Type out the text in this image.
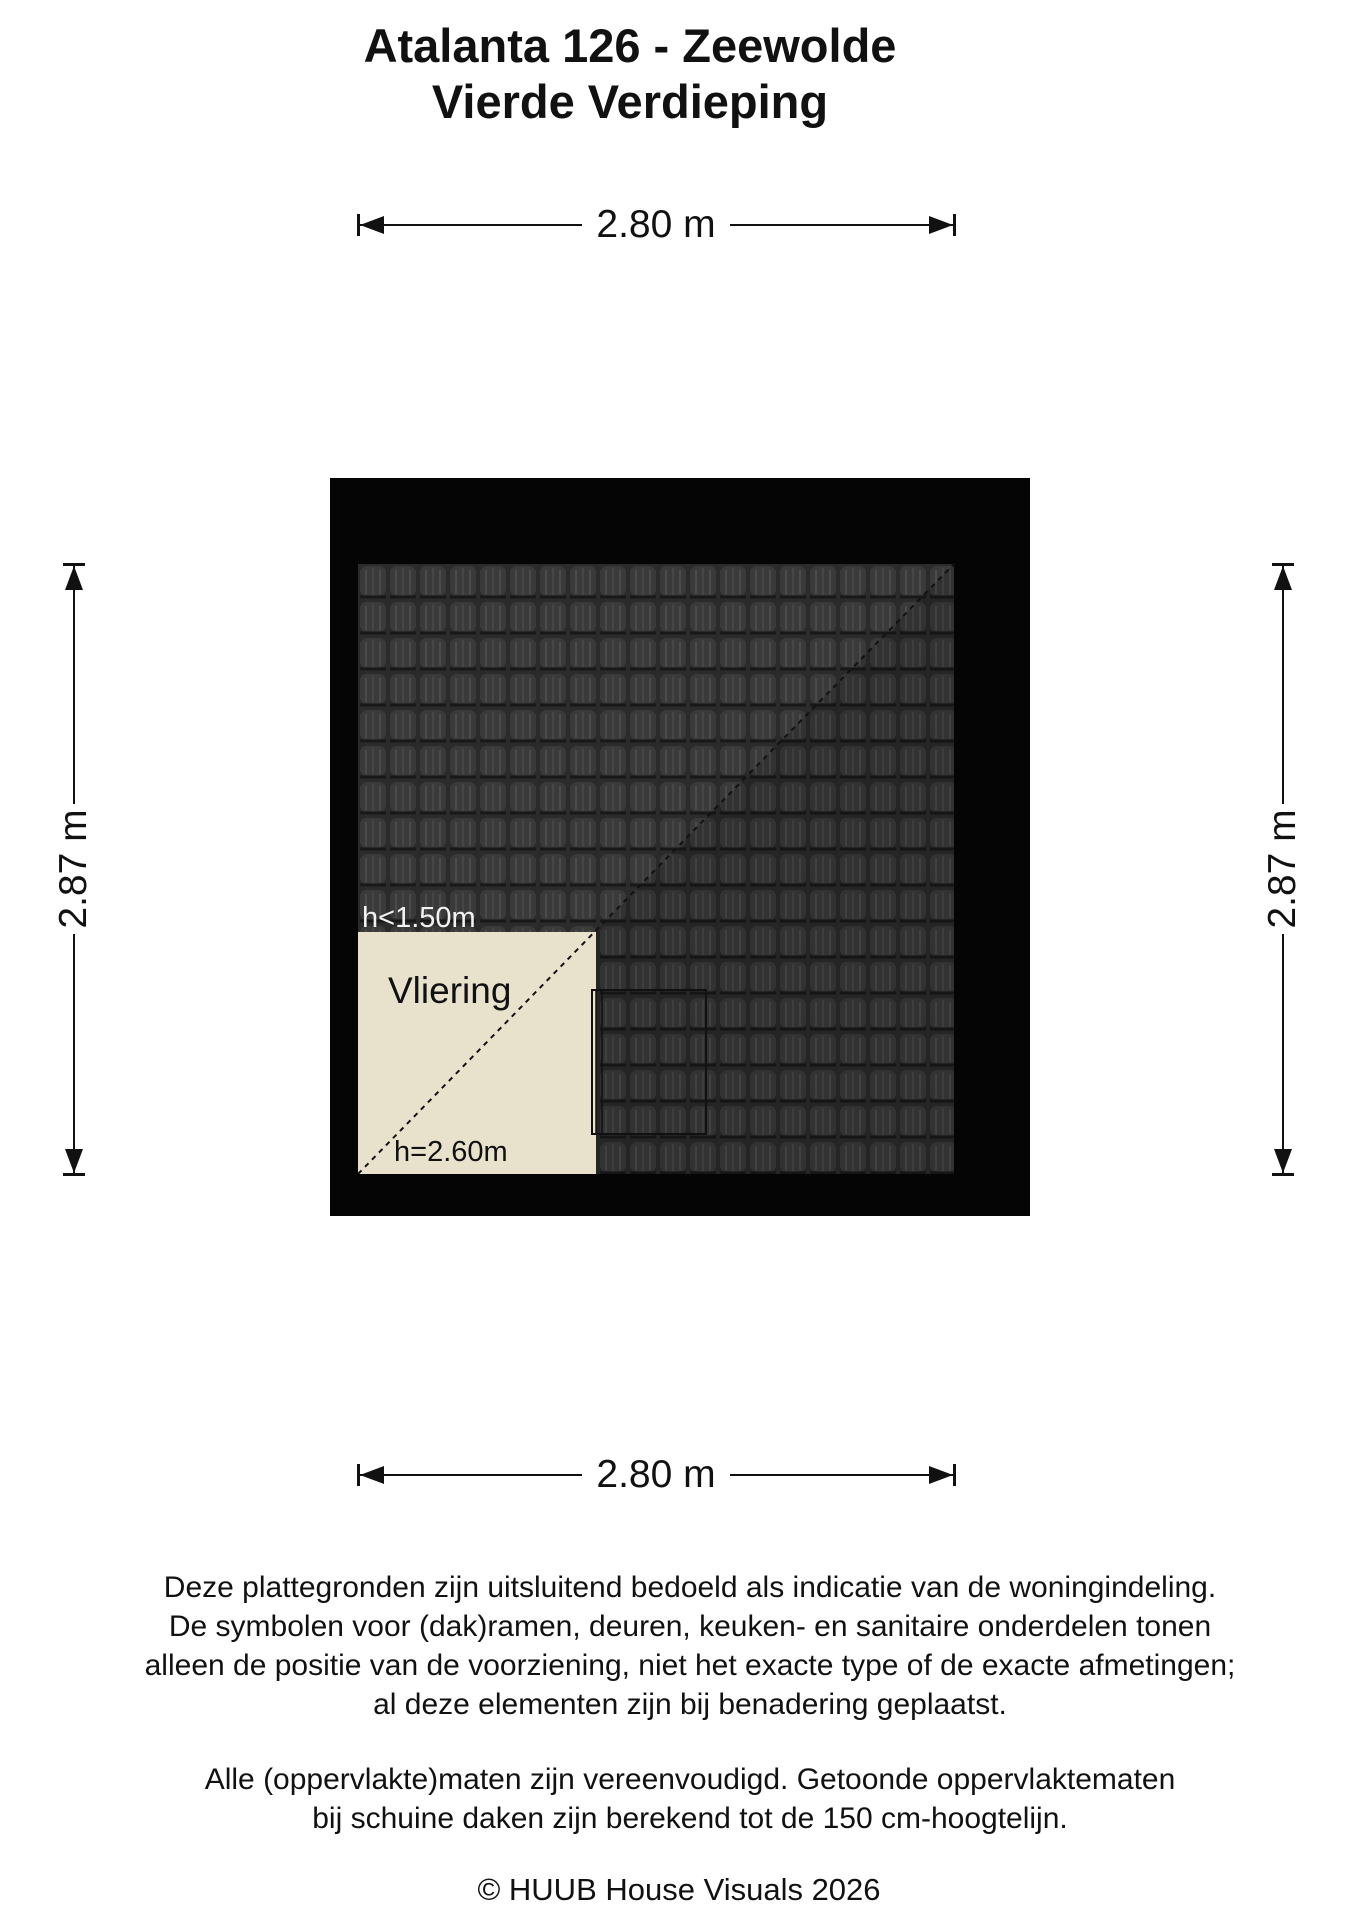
Atalanta 126 - Zeewolde
Vierde Verdieping
2.80 m
2.80 m
2.87 m	2.87 m
h<1.50m
Vliering
h=2.60m

Deze plattegronden zijn uitsluitend bedoeld als indicatie van de woningindeling.

De symbolen voor (dak)ramen, deuren, keuken- en sanitaire onderdelen tonen

alleen de positie van de voorziening, niet het exacte type of de exacte afmetingen;

al deze elementen zijn bij benadering geplaatst.

Alle (oppervlakte)maten zijn vereenvoudigd. Getoonde oppervlaktematen

bij schuine daken zijn berekend tot de 150 cm-hoogtelijn.

© HUUB House Visuals 2026
